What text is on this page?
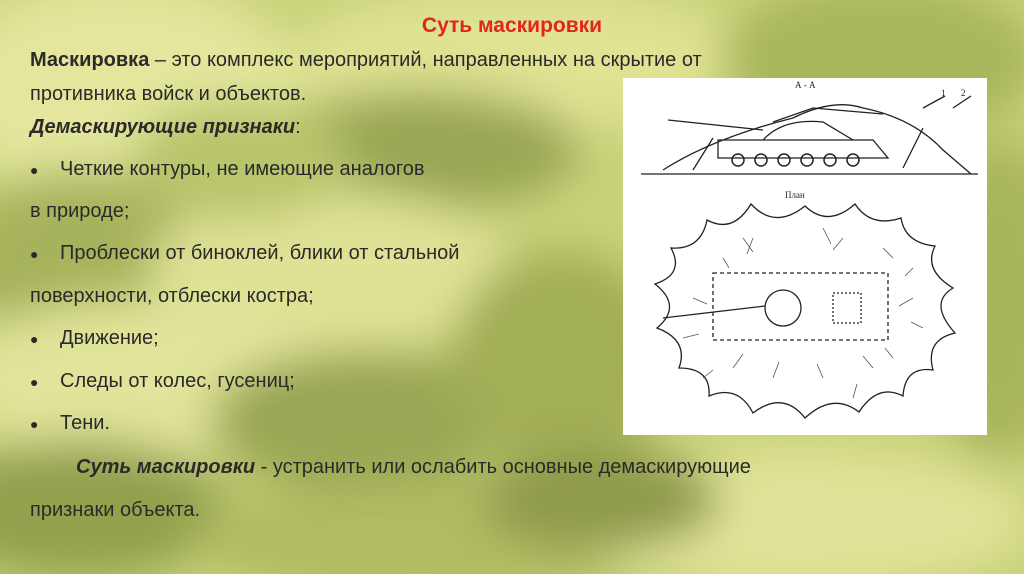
Суть маскировки
Маскировка – это комплекс мероприятий, направленных на скрытие от
противника войск и объектов.
Демаскирующие признаки:
● Четкие контуры, не имеющие аналогов
в природе;
● Проблески от биноклей, блики от стальной
поверхности, отблески костра;
● Движение;
● Следы от колес, гусениц;
● Тени.
Суть маскировки - устранить или ослабить основные демаскирующие
признаки объекта.
А - А
1 2
План
